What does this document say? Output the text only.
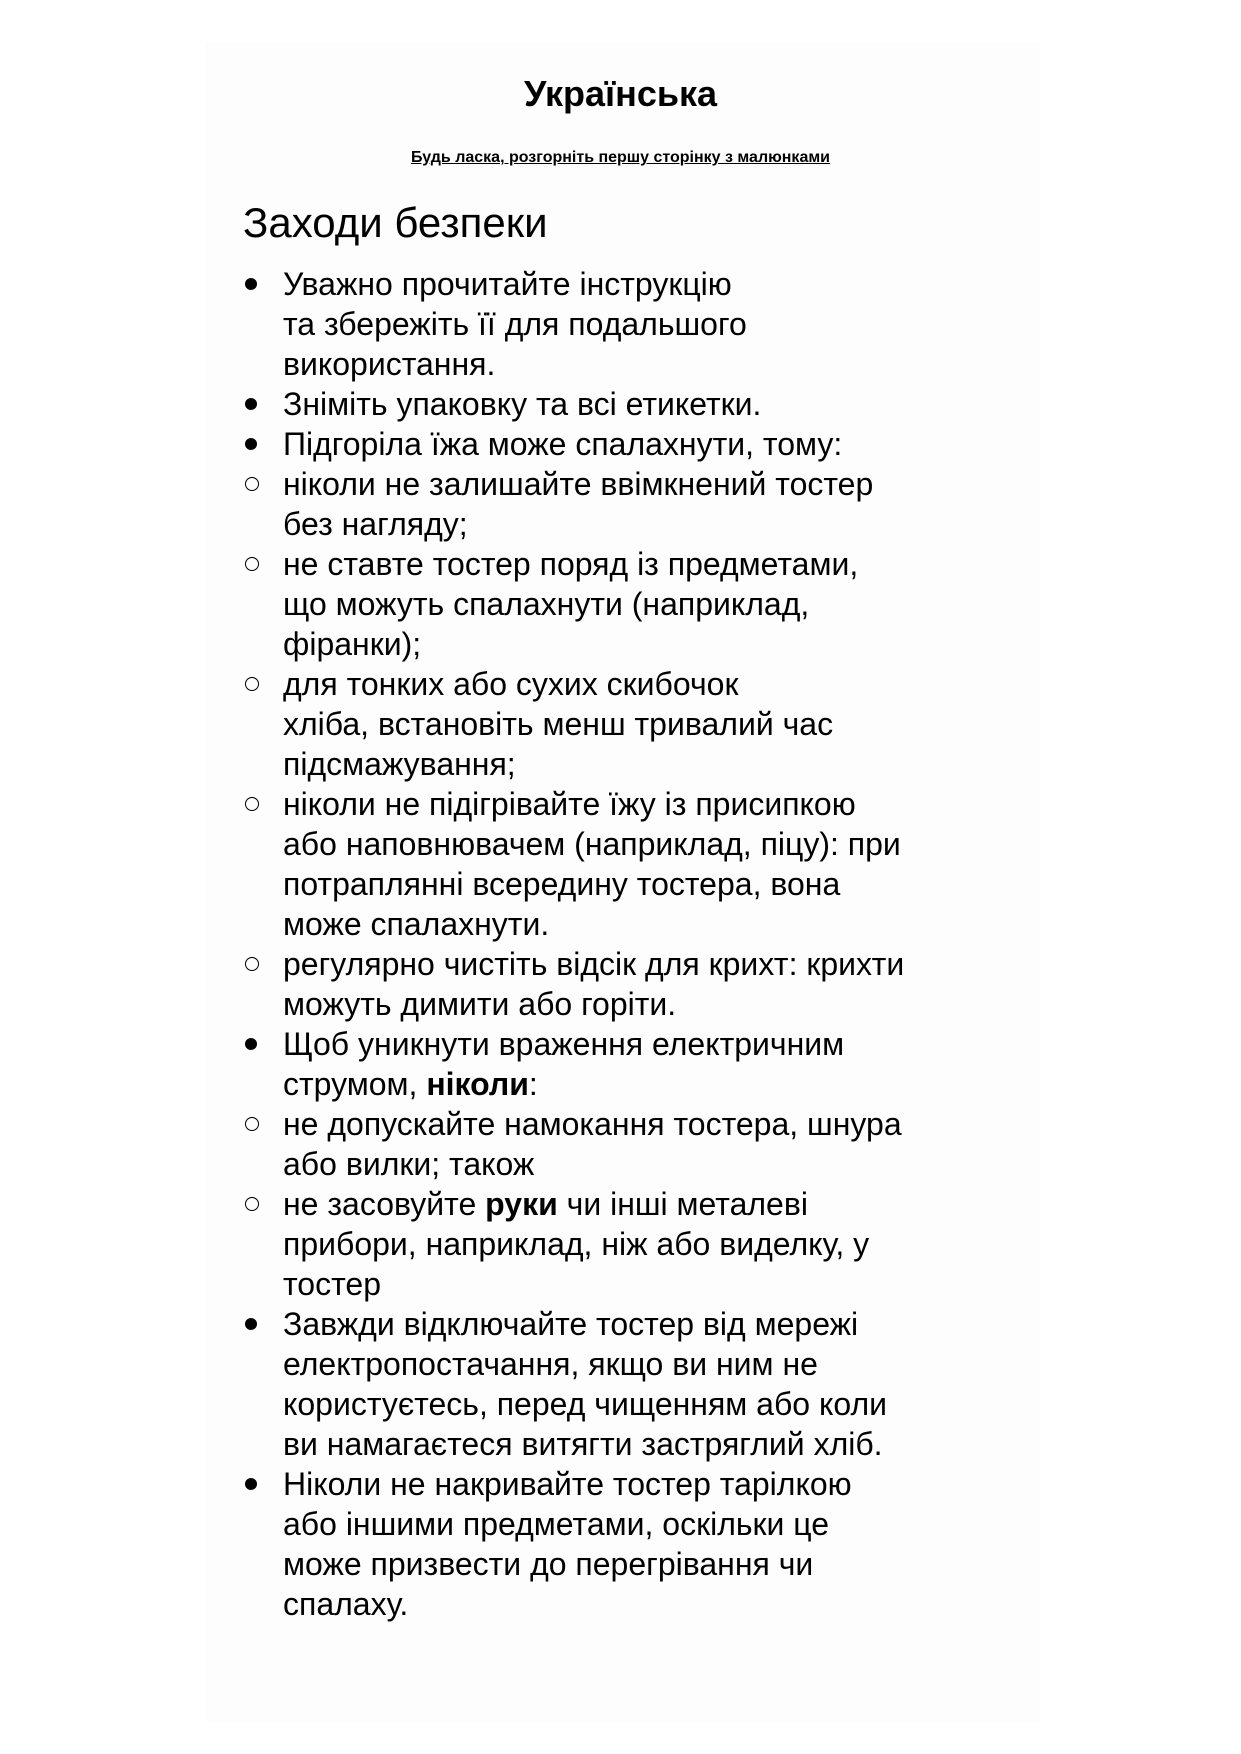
Українська
Будь ласка, розгорніть першу сторінку з малюнками
Заходи безпеки
Уважно прочитайте інструкцію
та збережіть її для подальшого
використання.
Зніміть упаковку та всі етикетки.
Підгоріла їжа може спалахнути, тому:
ніколи не залишайте ввімкнений тостер
без нагляду;
не ставте тостер поряд із предметами,
що можуть спалахнути (наприклад,
фіранки);
для тонких або сухих скибочок
хліба, встановіть менш тривалий час
підсмажування;
ніколи не підігрівайте їжу із присипкою
або наповнювачем (наприклад, піцу): при
потраплянні всередину тостера, вона
може спалахнути.
регулярно чистіть відсік для крихт: крихти
можуть димити або горіти.
Щоб уникнути враження електричним
струмом, ніколи:
не допускайте намокання тостера, шнура
або вилки; також
не засовуйте руки чи інші металеві
прибори, наприклад, ніж або виделку, у
тостер
Завжди відключайте тостер від мережі
електропостачання, якщо ви ним не
користуєтесь, перед чищенням або коли
ви намагаєтеся витягти застряглий хліб.
Ніколи не накривайте тостер тарілкою
або іншими предметами, оскільки це
може призвести до перегрівання чи
спалаху.
